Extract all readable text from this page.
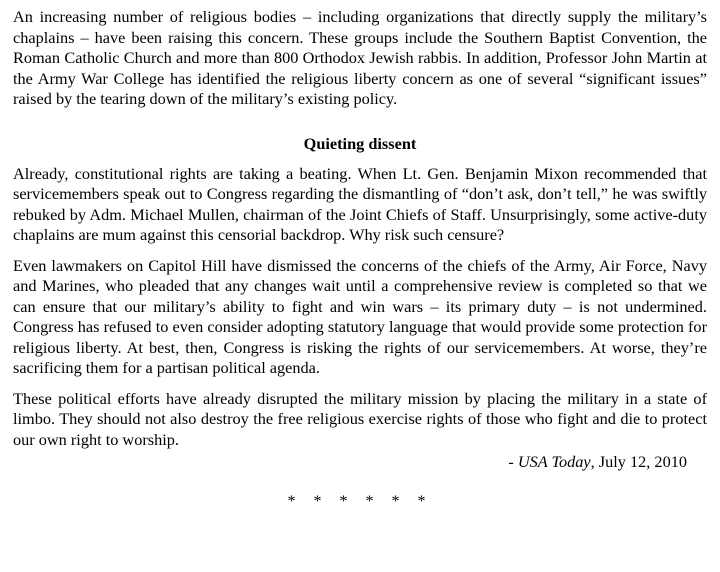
An increasing number of religious bodies – including organizations that directly supply the military’s chaplains – have been raising this concern. These groups include the Southern Baptist Convention, the Roman Catholic Church and more than 800 Orthodox Jewish rabbis. In addition, Professor John Martin at the Army War College has identified the religious liberty concern as one of several “significant issues” raised by the tearing down of the military’s existing policy.

Quieting dissent

Already, constitutional rights are taking a beating. When Lt. Gen. Benjamin Mixon recommended that servicemembers speak out to Congress regarding the dismantling of “don’t ask, don’t tell,” he was swiftly rebuked by Adm. Michael Mullen, chairman of the Joint Chiefs of Staff. Unsurprisingly, some active-duty chaplains are mum against this censorial backdrop. Why risk such censure?

Even lawmakers on Capitol Hill have dismissed the concerns of the chiefs of the Army, Air Force, Navy and Marines, who pleaded that any changes wait until a comprehensive review is completed so that we can ensure that our military’s ability to fight and win wars – its primary duty – is not undermined. Congress has refused to even consider adopting statutory language that would provide some protection for religious liberty. At best, then, Congress is risking the rights of our servicemembers. At worse, they’re sacrificing them for a partisan political agenda.

These political efforts have already disrupted the military mission by placing the military in a state of limbo. They should not also destroy the free religious exercise rights of those who fight and die to protect our own right to worship.

- USA Today, July 12, 2010
* * * * * *
